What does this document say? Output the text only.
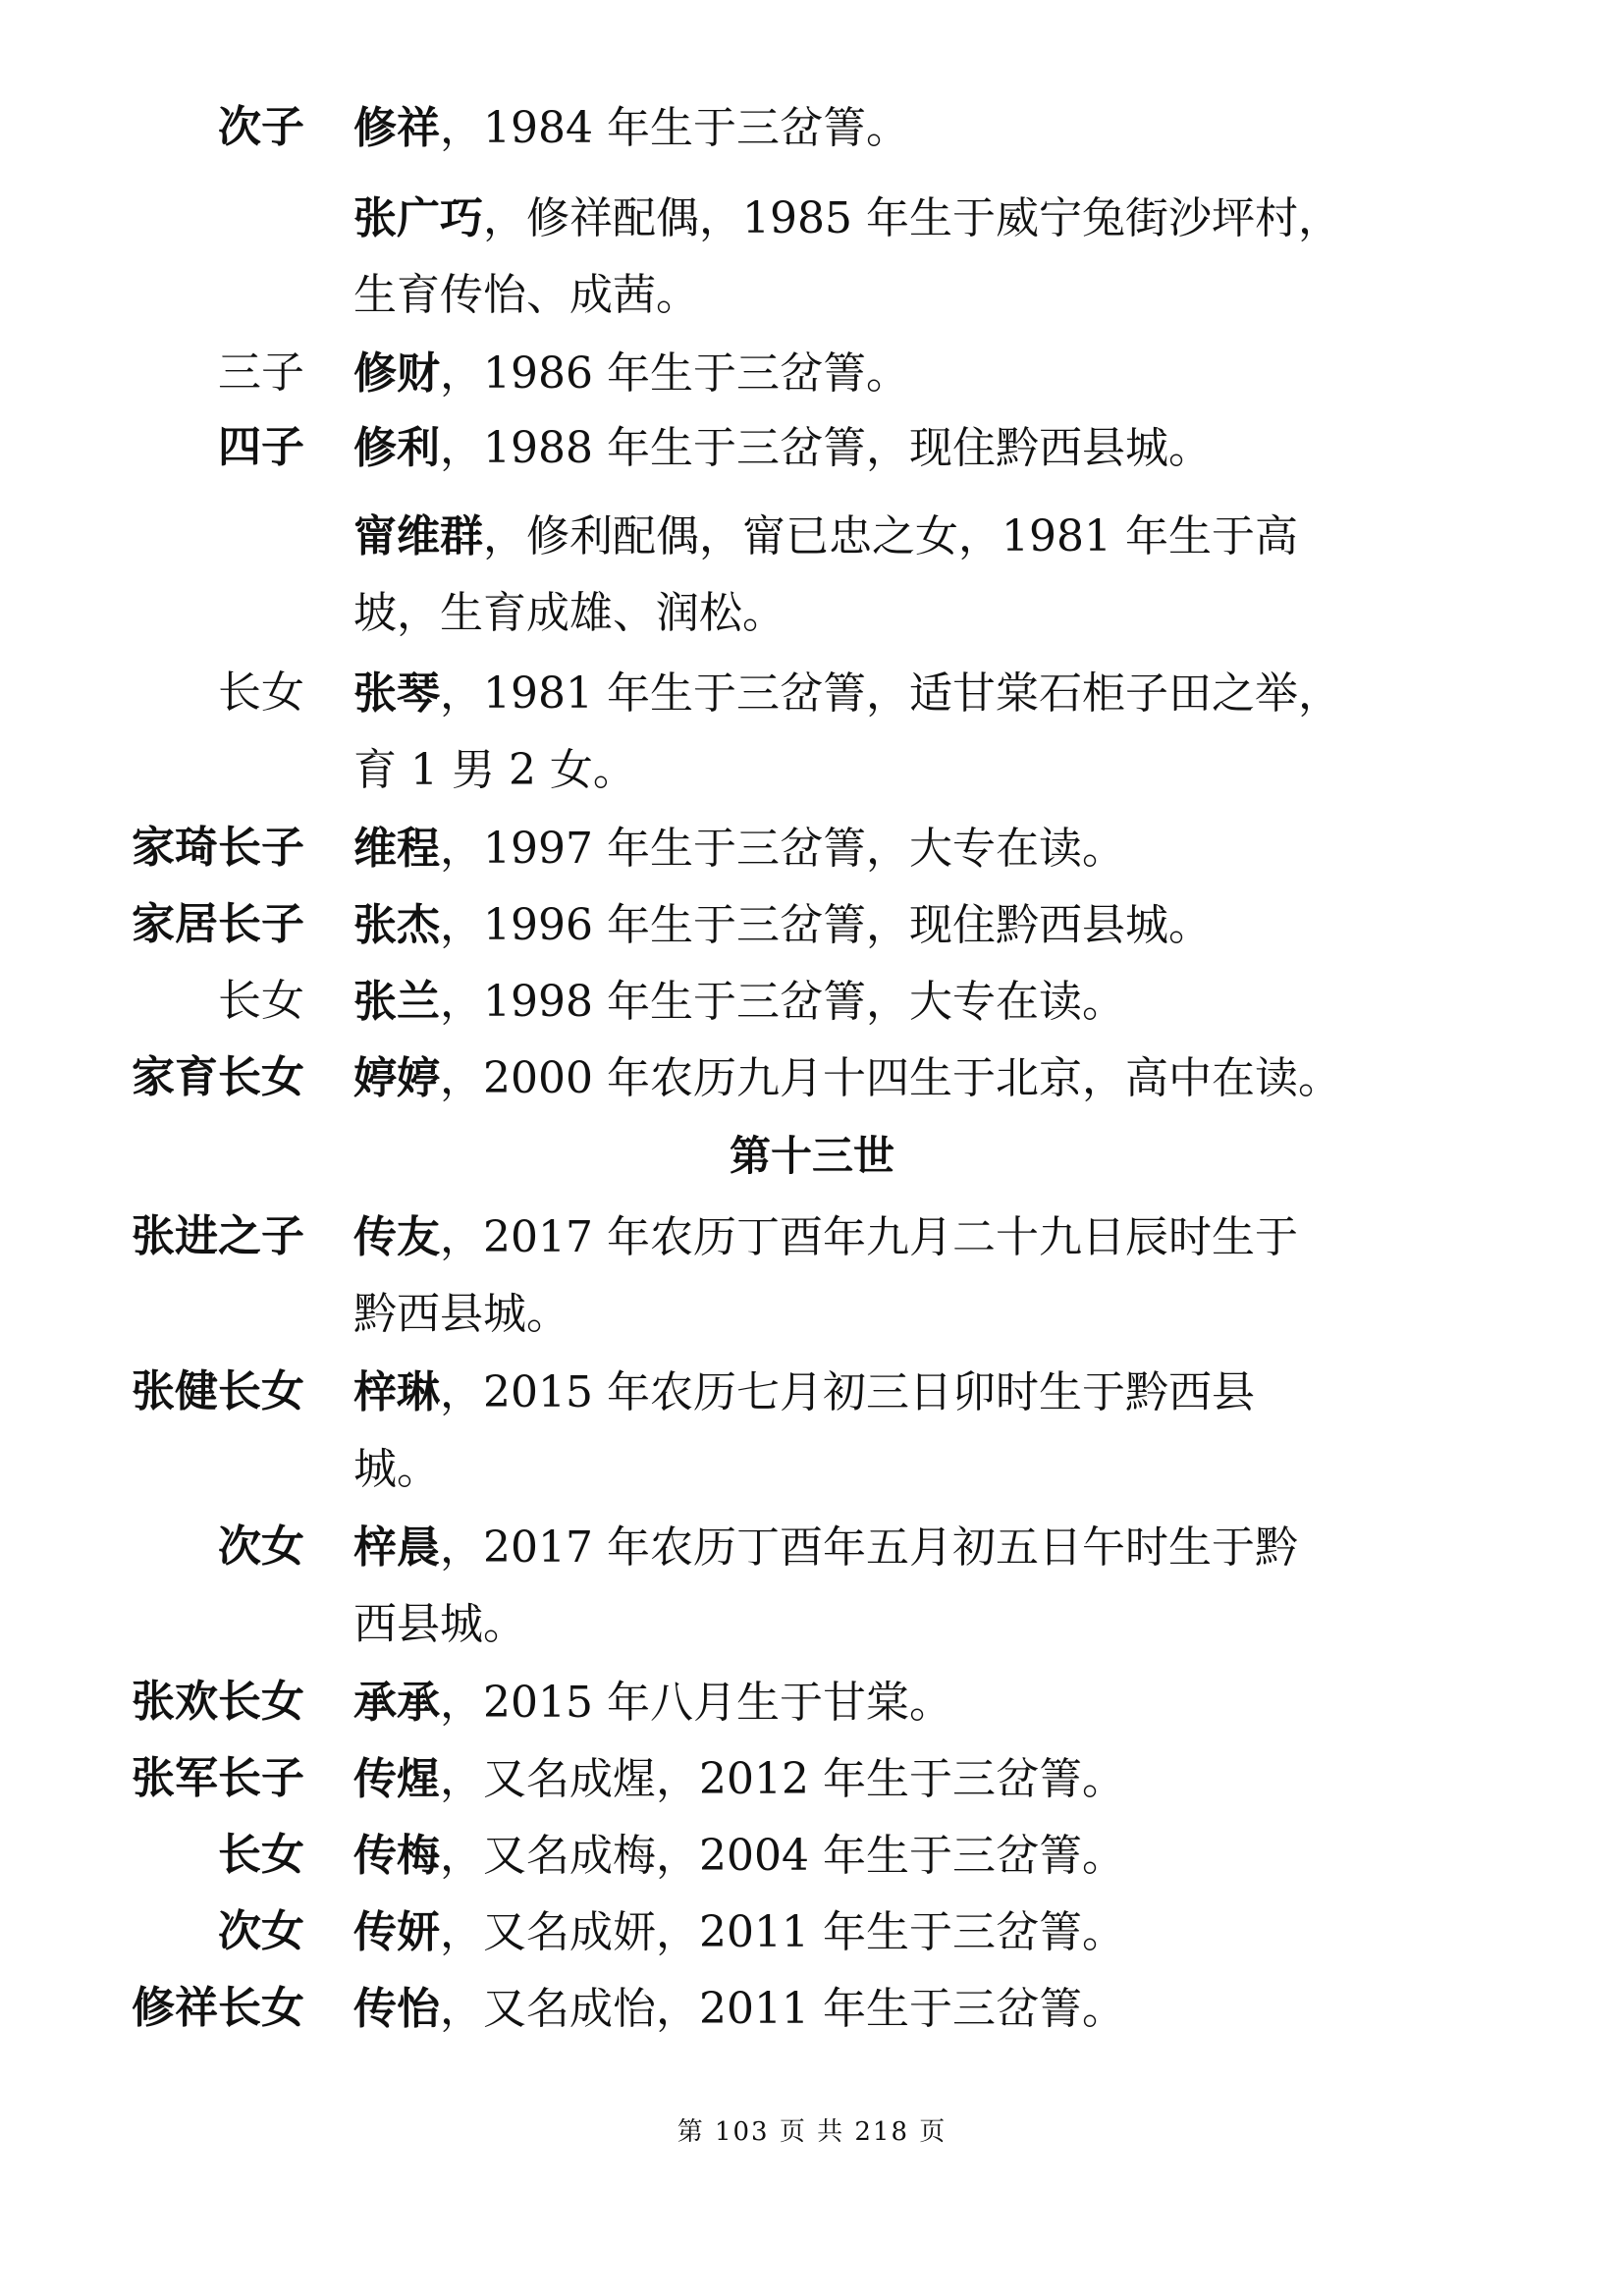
次子 修祥，1984 年生于三岔箐。
张广巧，修祥配偶，1985 年生于威宁兔街沙坪村，
生育传怡、成茜。
三子 修财，1986 年生于三岔箐。
四子 修利，1988 年生于三岔箐，现住黔西县城。
甯维群，修利配偶，甯已忠之女，1981 年生于高
坡，生育成雄、润松。
长女 张琴，1981 年生于三岔箐，适甘棠石柜子田之举，
育 1 男 2 女。
家琦长子 维程，1997 年生于三岔箐，大专在读。
家居长子 张杰，1996 年生于三岔箐，现住黔西县城。
长女 张兰，1998 年生于三岔箐，大专在读。
家育长女 婷婷，2000 年农历九月十四生于北京，高中在读。
第十三世
张进之子 传友，2017 年农历丁酉年九月二十九日辰时生于
黔西县城。
张健长女 梓琳，2015 年农历七月初三日卯时生于黔西县
城。
次女 梓晨，2017 年农历丁酉年五月初五日午时生于黔
西县城。
张欢长女 承承，2015 年八月生于甘棠。
张军长子 传煋，又名成煋，2012 年生于三岔箐。
长女 传梅，又名成梅，2004 年生于三岔箐。
次女 传妍，又名成妍，2011 年生于三岔箐。
修祥长女 传怡，又名成怡，2011 年生于三岔箐。
第 103 页 共 218 页
